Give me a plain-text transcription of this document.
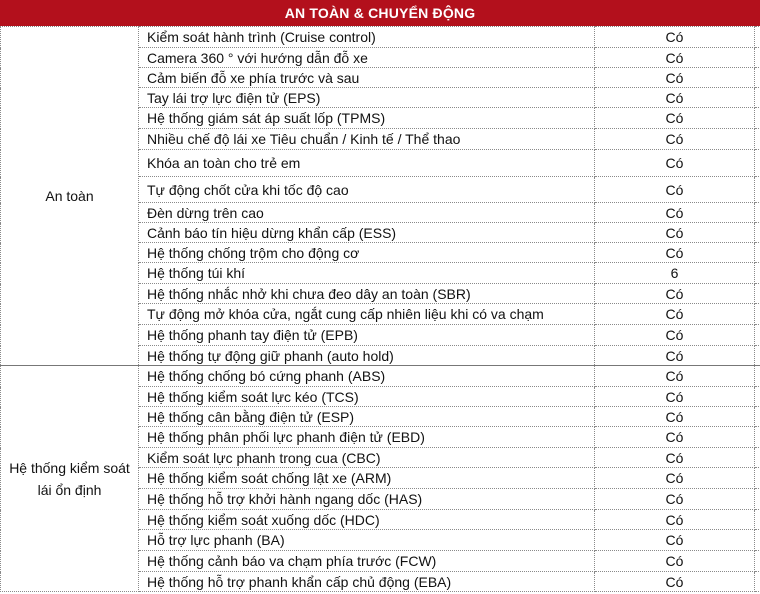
AN TOÀN & CHUYỂN ĐỘNG
An toàn	Kiểm soát hành trình (Cruise control)	Có	
	Camera 360 ° với hướng dẫn đỗ xe	Có	
	Cảm biến đỗ xe phía trước và sau	Có	
	Tay lái trợ lực điện tử (EPS)	Có	
	Hệ thống giám sát áp suất lốp (TPMS)	Có	
	Nhiều chế độ lái xe Tiêu chuẩn / Kinh tế / Thể thao	Có	
	Khóa an toàn cho trẻ em	Có	
	Tự động chốt cửa khi tốc độ cao	Có	
	Đèn dừng trên cao	Có	
	Cảnh báo tín hiệu dừng khẩn cấp (ESS)	Có	
	Hệ thống chống trộm cho động cơ	Có	
	Hệ thống túi khí	6	
	Hệ thống nhắc nhở khi chưa đeo dây an toàn (SBR)	Có	
	Tự động mở khóa cửa, ngắt cung cấp nhiên liệu khi có va chạm	Có	
	Hệ thống phanh tay điện tử (EPB)	Có	
	Hệ thống tự động giữ phanh (auto hold)	Có	
Hệ thống kiểm soát lái ổn định	Hệ thống chống bó cứng phanh (ABS)	Có	
	Hệ thống kiểm soát lực kéo (TCS)	Có	
	Hệ thống cân bằng điện tử (ESP)	Có	
	Hệ thống phân phối lực phanh điện tử (EBD)	Có	
	Kiểm soát lực phanh trong cua (CBC)	Có	
	Hệ thống kiểm soát chống lật xe (ARM)	Có	
	Hệ thống hỗ trợ khởi hành ngang dốc (HAS)	Có	
	Hệ thống kiểm soát xuống dốc (HDC)	Có	
	Hỗ trợ lực phanh (BA)	Có	
	Hệ thống cảnh báo va chạm phía trước (FCW)	Có	
	Hệ thống hỗ trợ phanh khẩn cấp chủ động (EBA)	Có	
